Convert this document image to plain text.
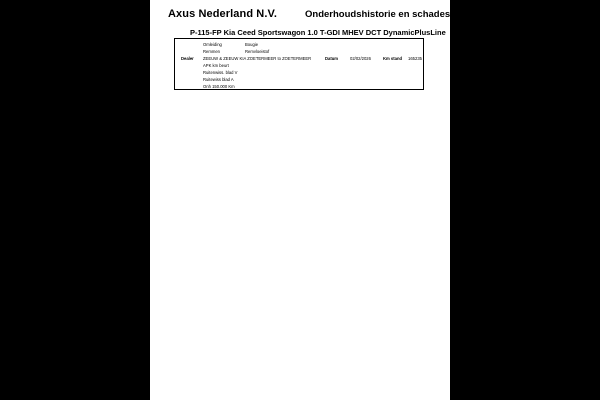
Axus Nederland N.V.	Onderhoudshistorie en schades
P-115-FP Kia Ceed Sportswagon 1.0 T-GDI MHEV DCT DynamicPlusLine
Omleiding	Bougie
Remmen	Remvloeistof
Dealer ZEEUW & ZEEUW KIA ZOETERMEER to ZOETERMEER	Datum	02/02/2026	Km stand 165235
APK km beurt
Ruitenwiss. blad V
Ruitewiss blad A
Onh 150.000 Km
